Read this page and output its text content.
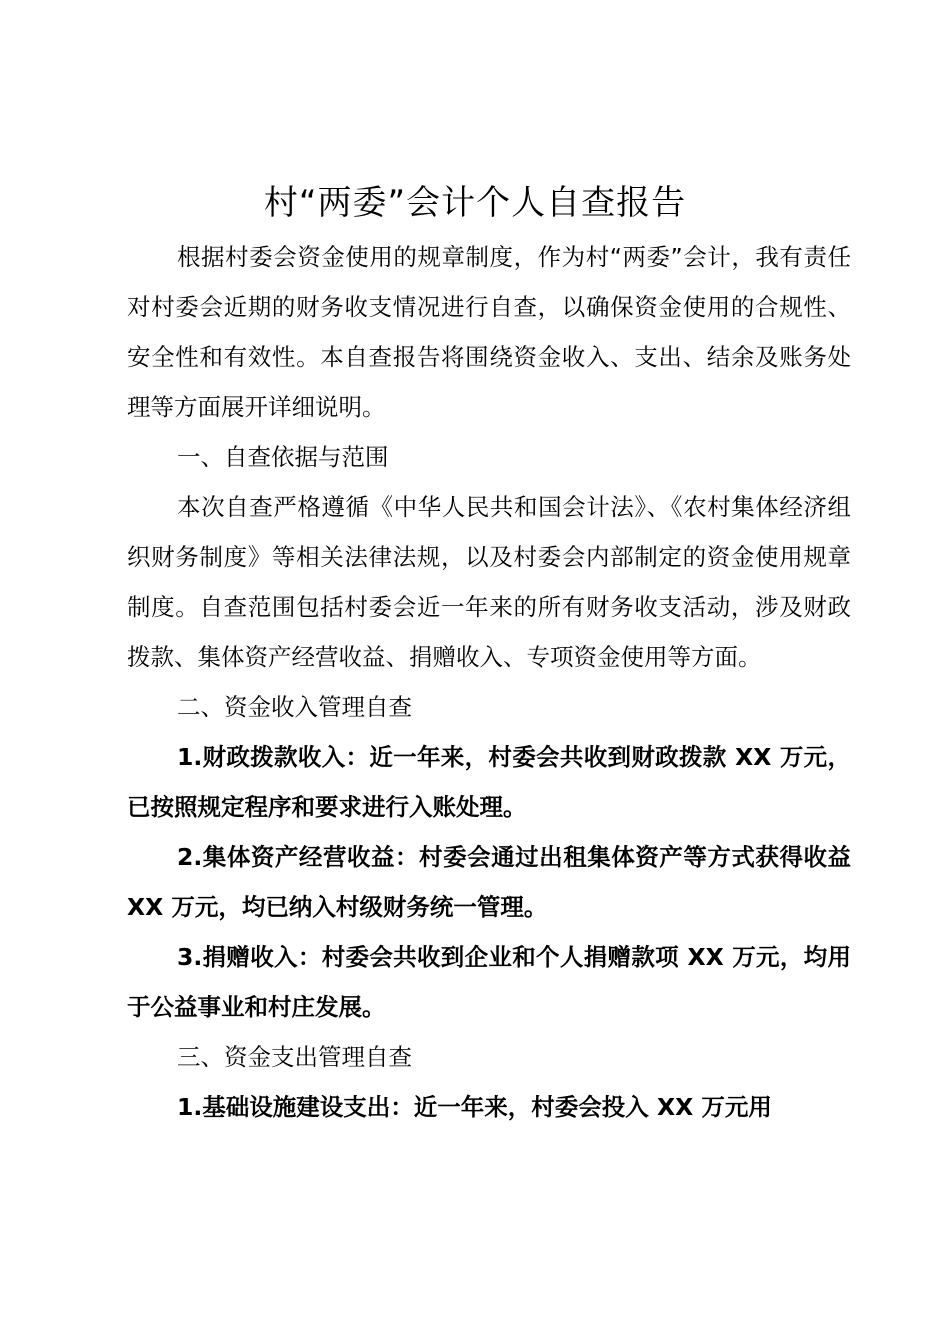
村“两委”会计个人自查报告

根据村委会资金使用的规章制度，作为村“两委”会计，我有责任对村委会近期的财务收支情况进行自查，以确保资金使用的合规性、安全性和有效性。本自查报告将围绕资金收入、支出、结余及账务处理等方面展开详细说明。

一、自查依据与范围

本次自查严格遵循《中华人民共和国会计法》、《农村集体经济组织财务制度》等相关法律法规，以及村委会内部制定的资金使用规章制度。自查范围包括村委会近一年来的所有财务收支活动，涉及财政拨款、集体资产经营收益、捐赠收入、专项资金使用等方面。

二、资金收入管理自查

1.财政拨款收入：近一年来，村委会共收到财政拨款 XX 万元，已按照规定程序和要求进行入账处理。

2.集体资产经营收益：村委会通过出租集体资产等方式获得收益 XX 万元，均已纳入村级财务统一管理。

3.捐赠收入：村委会共收到企业和个人捐赠款项 XX 万元，均用于公益事业和村庄发展。

三、资金支出管理自查

1.基础设施建设支出：近一年来，村委会投入 XX 万元用
